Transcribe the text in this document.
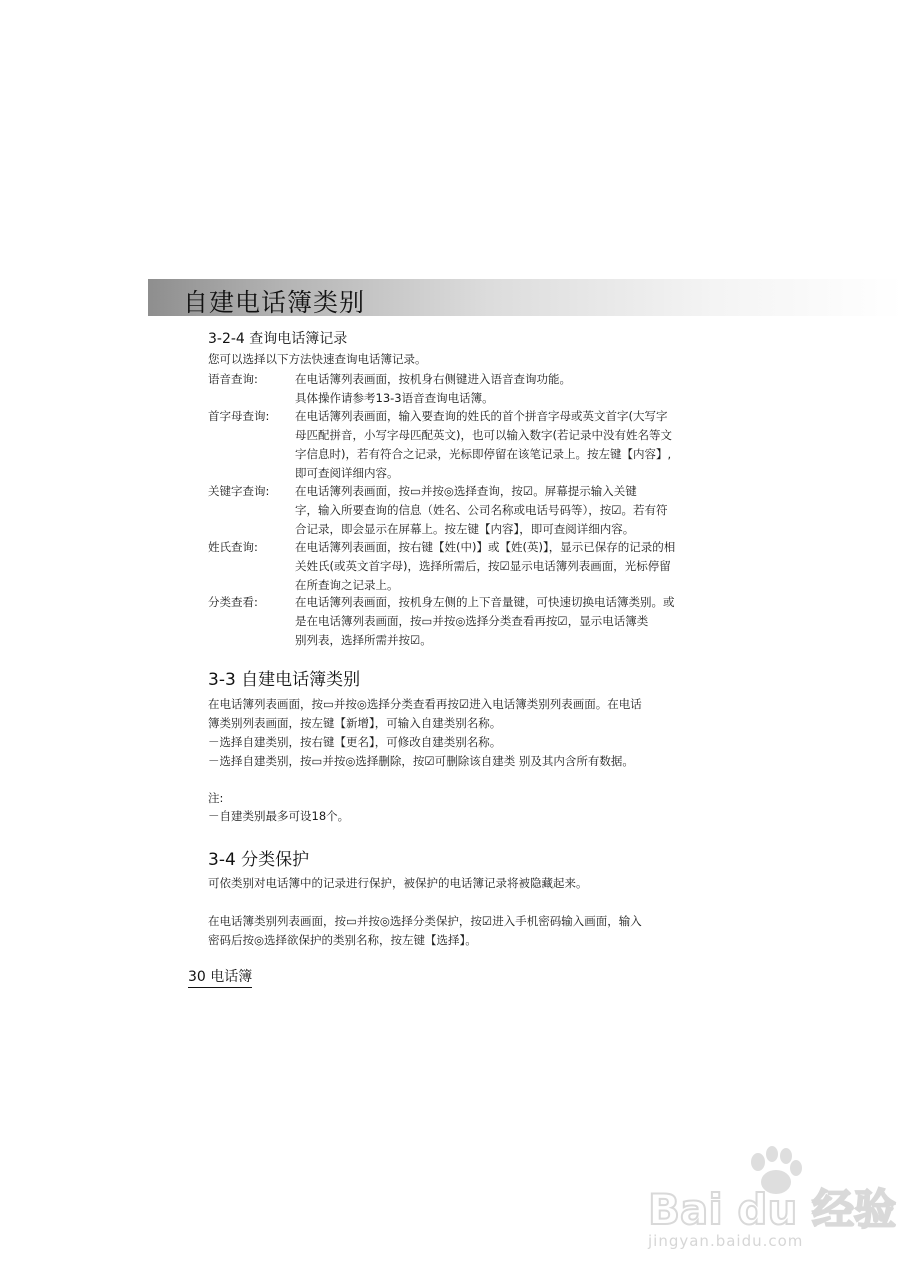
自建电话簿类别
3-2-4 查询电话簿记录
您可以选择以下方法快速查询电话簿记录。
语音查询:	在电话簿列表画面，按机身右侧键进入语音查询功能。
具体操作请参考13-3语音查询电话簿。
首字母查询: 在电话簿列表画面，输入要查询的姓氏的首个拼音字母或英文首字(大写字
母匹配拼音，小写字母匹配英文)，也可以输入数字(若记录中没有姓名等文
字信息时)，若有符合之记录，光标即停留在该笔记录上。按左键【内容】,
即可查阅详细内容。
关键字查询: 在电话簿列表画面，按▭并按◎选择查询，按☑。屏幕提示输入关键
字，输入所要查询的信息（姓名、公司名称或电话号码等），按☑。若有符
合记录，即会显示在屏幕上。按左键【内容】，即可查阅详细内容。
姓氏查询:	在电话簿列表画面，按右键【姓(中)】或【姓(英)】，显示已保存的记录的相
关姓氏(或英文首字母)，选择所需后，按☑显示电话簿列表画面，光标停留
在所查询之记录上。
分类查看:	在电话簿列表画面，按机身左侧的上下音量键，可快速切换电话簿类别。或
是在电话簿列表画面，按▭并按◎选择分类查看再按☑，显示电话簿类
别列表，选择所需并按☑。
3-3 自建电话簿类别
在电话簿列表画面，按▭并按◎选择分类查看再按☑进入电话簿类别列表画面。在电话
簿类别列表画面，按左键【新增】，可输入自建类别名称。
－选择自建类别，按右键【更名】，可修改自建类别名称。
－选择自建类别，按▭并按◎选择删除，按☑可删除该自建类 别及其内含所有数据。
注:
－自建类别最多可设18个。
3-4 分类保护
可依类别对电话簿中的记录进行保护，被保护的电话簿记录将被隐藏起来。
在电话簿类别列表画面，按▭并按◎选择分类保护，按☑进入手机密码输入画面，输入
密码后按◎选择欲保护的类别名称，按左键【选择】。
30 电话簿
Bai du 经验
jingyan.baidu.com
